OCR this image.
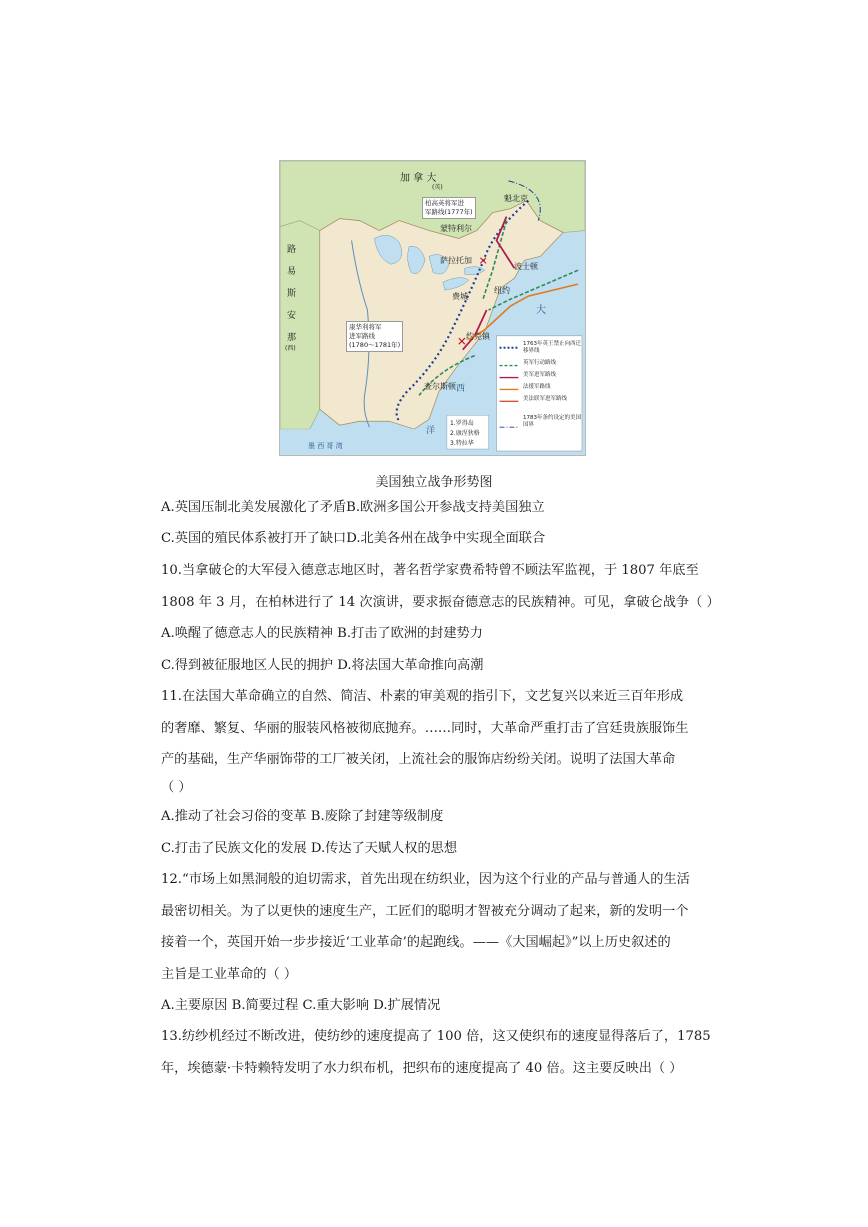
✕
✕
加 拿 大
(英)
路
易
斯
安
那
(西)
柏高英将军进
军路线(1777年)
康华利将军
进军路线
(1780～1781年)
魁北克
蒙特利尔
萨拉托加
波士顿
纽约
费城
约克镇
查尔斯顿
大
西
洋
墨 西 哥 湾
1.罗得岛
2.康涅狄格
3.特拉华
1763年英王禁止向西迁移界线
英军行动路线
美军进军路线
法援军路线
美法联军进军路线
1783年条约设定的美国国界
美国独立战争形势图
A.英国压制北美发展激化了矛盾B.欧洲多国公开参战支持美国独立
C.英国的殖民体系被打开了缺口D.北美各州在战争中实现全面联合
10.当拿破仑的大军侵入德意志地区时，著名哲学家费希特曾不顾法军监视，于 1807 年底至
1808 年 3 月，在柏林进行了 14 次演讲，要求振奋德意志的民族精神。可见，拿破仑战争（ ）
A.唤醒了德意志人的民族精神 B.打击了欧洲的封建势力
C.得到被征服地区人民的拥护 D.将法国大革命推向高潮
11.在法国大革命确立的自然、简洁、朴素的审美观的指引下，文艺复兴以来近三百年形成
的奢靡、繁复、华丽的服装风格被彻底抛弃。……同时，大革命严重打击了宫廷贵族服饰生
产的基础，生产华丽饰带的工厂被关闭，上流社会的服饰店纷纷关闭。说明了法国大革命
（ ）
A.推动了社会习俗的变革 B.废除了封建等级制度
C.打击了民族文化的发展 D.传达了天赋人权的思想
12.“市场上如黑洞般的迫切需求，首先出现在纺织业，因为这个行业的产品与普通人的生活
最密切相关。为了以更快的速度生产，工匠们的聪明才智被充分调动了起来，新的发明一个
接着一个，英国开始一步步接近‘工业革命’的起跑线。——《大国崛起》”以上历史叙述的
主旨是工业革命的（ ）
A.主要原因 B.简要过程 C.重大影响 D.扩展情况
13.纺纱机经过不断改进，使纺纱的速度提高了 100 倍，这又使织布的速度显得落后了，1785
年，埃德蒙·卡特赖特发明了水力织布机，把织布的速度提高了 40 倍。这主要反映出（ ）
